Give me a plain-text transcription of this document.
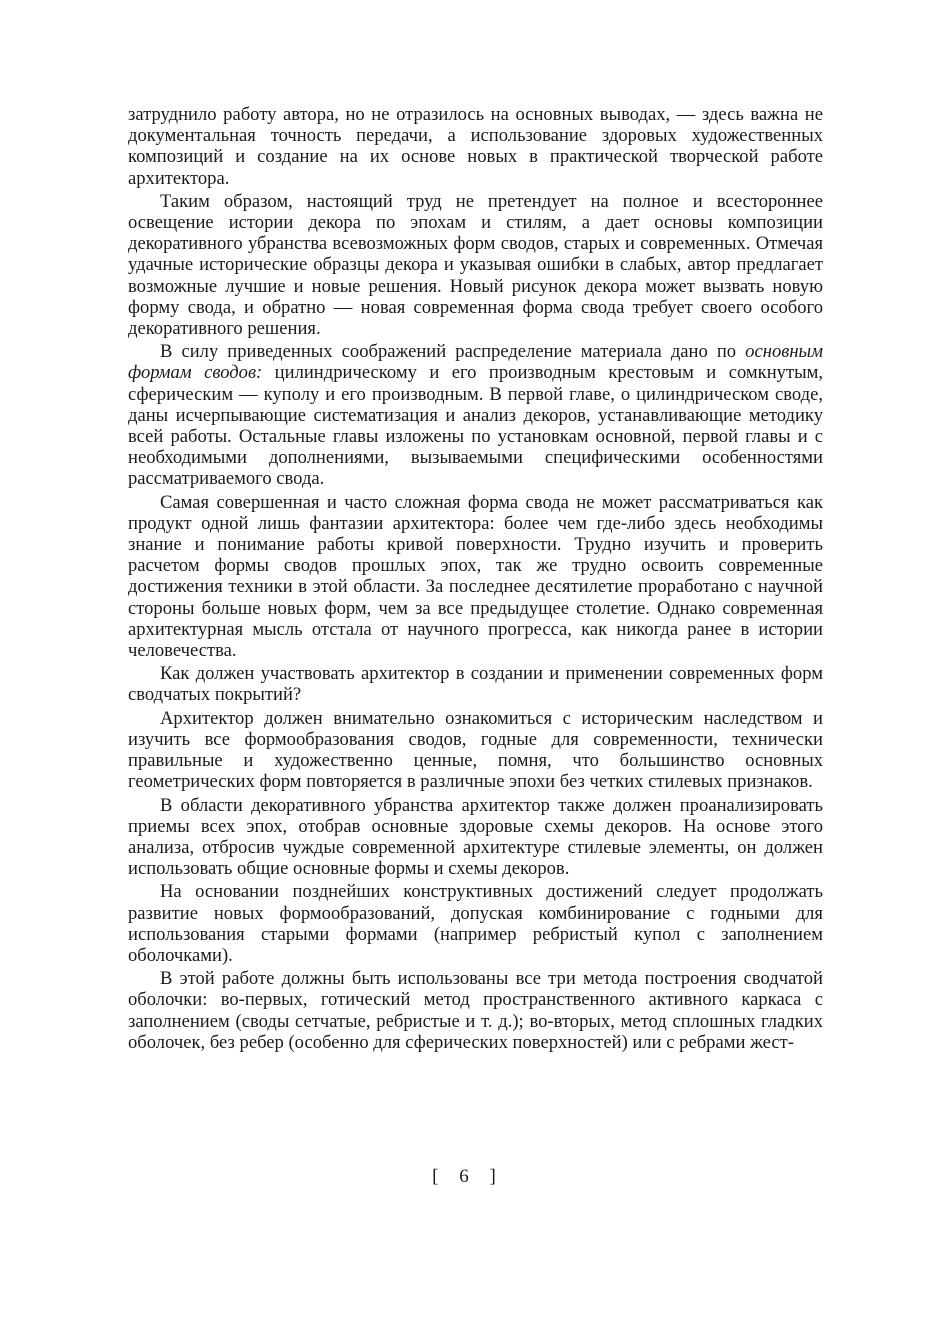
затруднило работу автора, но не отразилось на основных выводах, — здесь важна не документальная точность передачи, а использование здоровых художественных композиций и создание на их основе новых в практической творческой работе архитектора.

Таким образом, настоящий труд не претендует на полное и всестороннее освещение истории декора по эпохам и стилям, а дает основы композиции декоративного убранства всевозможных форм сводов, старых и современных. Отмечая удачные исторические образцы декора и указывая ошибки в слабых, автор предлагает возможные лучшие и новые решения. Новый рисунок декора может вызвать новую форму свода, и обратно — новая современная форма свода требует своего особого декоративного решения.

В силу приведенных соображений распределение материала дано по основным формам сводов: цилиндрическому и его производным крестовым и сомкнутым, сферическим — куполу и его производным. В первой главе, о цилиндрическом своде, даны исчерпывающие систематизация и анализ декоров, устанавливающие методику всей работы. Остальные главы изложены по установкам основной, первой главы и с необходимыми дополнениями, вызываемыми специфическими особенностями рассматриваемого свода.

Самая совершенная и часто сложная форма свода не может рассматриваться как продукт одной лишь фантазии архитектора: более чем где-либо здесь необходимы знание и понимание работы кривой поверхности. Трудно изучить и проверить расчетом формы сводов прошлых эпох, так же трудно освоить современные достижения техники в этой области. За последнее десятилетие проработано с научной стороны больше новых форм, чем за все предыдущее столетие. Однако современная архитектурная мысль отстала от научного прогресса, как никогда ранее в истории человечества.

Как должен участвовать архитектор в создании и применении современных форм сводчатых покрытий?

Архитектор должен внимательно ознакомиться с историческим наследством и изучить все формообразования сводов, годные для современности, технически правильные и художественно ценные, помня, что большинство основных геометрических форм повторяется в различные эпохи без четких стилевых признаков.

В области декоративного убранства архитектор также должен проанализировать приемы всех эпох, отобрав основные здоровые схемы декоров. На основе этого анализа, отбросив чуждые современной архитектуре стилевые элементы, он должен использовать общие основные формы и схемы декоров.

На основании позднейших конструктивных достижений следует продолжать развитие новых формообразований, допуская комбинирование с годными для использования старыми формами (например ребристый купол с заполнением оболочками).

В этой работе должны быть использованы все три метода построения сводчатой оболочки: во-первых, готический метод пространственного активного каркаса с заполнением (своды сетчатые, ребристые и т. д.); во-вторых, метод сплошных гладких оболочек, без ребер (особенно для сферических поверхностей) или с ребрами жест-

[ 6 ]
